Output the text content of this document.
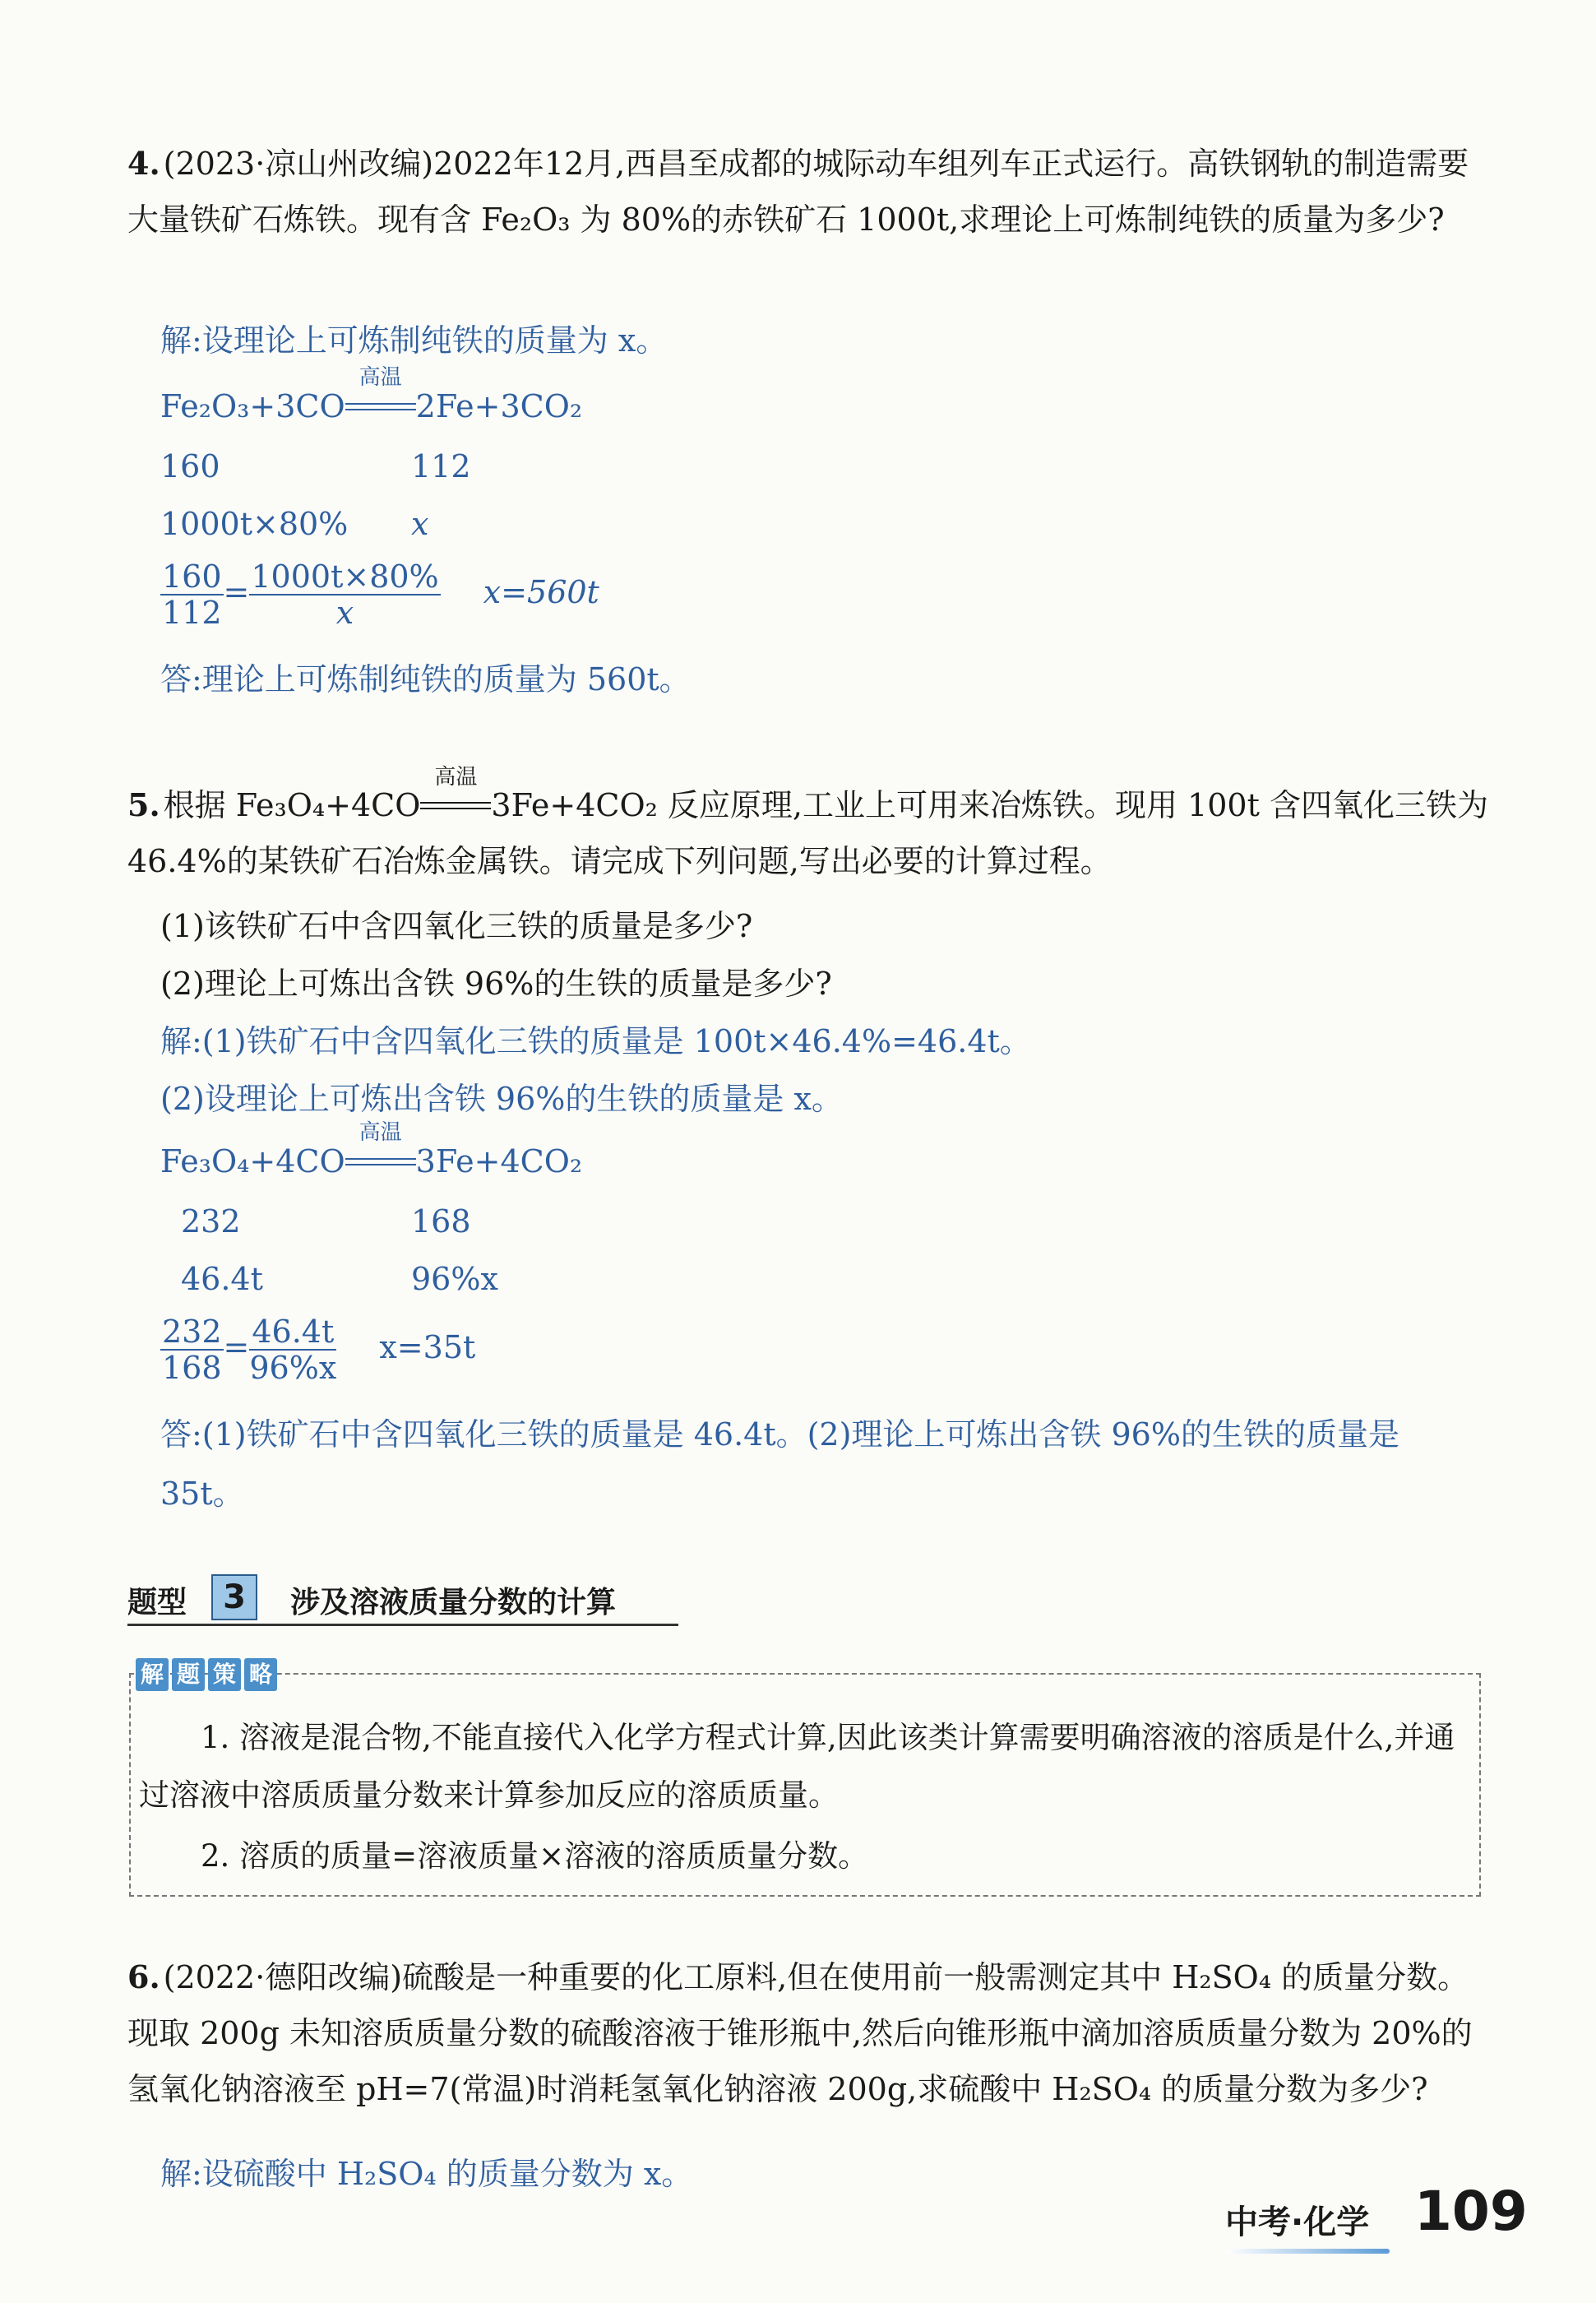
4. (2023·凉山州改编)2022年12月,西昌至成都的城际动车组列车正式运行。高铁钢轨的制造需要大量铁矿石炼铁。现有含 Fe₂O₃ 为 80%的赤铁矿石 1000t,求理论上可炼制纯铁的质量为多少?
解:设理论上可炼制纯铁的质量为 x。
Fe₂O₃+3CO
高温
2Fe+3CO₂
160	112
1000t×80% x
$\frac{160}{112} = \frac{1000t\times 80\%}{x} x=560t$
答:理论上可炼制纯铁的质量为 560t。
5. 根据 Fe₃O₄+4CO
高温
3Fe+4CO₂ 反应原理,工业上可用来冶炼铁。现用 100t 含四氧化三铁为 46.4%的某铁矿石冶炼金属铁。请完成下列问题,写出必要的计算过程。
(1)该铁矿石中含四氧化三铁的质量是多少?
(2)理论上可炼出含铁 96%的生铁的质量是多少?
解:(1)铁矿石中含四氧化三铁的质量是 100t×46.4%=46.4t。
(2)设理论上可炼出含铁 96%的生铁的质量是 x。
Fe₃O₄+4CO
高温
3Fe+4CO₂
232	168
46.4t	96%x
$\frac{232}{168} = \frac{46.4t}{96\%x} x=35t$
答:(1)铁矿石中含四氧化三铁的质量是 46.4t。(2)理论上可炼出含铁 96%的生铁的质量是 35t。
题型	3	涉及溶液质量分数的计算
解 题 策 略
1. 溶液是混合物,不能直接代入化学方程式计算,因此该类计算需要明确溶液的溶质是什么,并通过溶液中溶质质量分数来计算参加反应的溶质质量。
2. 溶质的质量=溶液质量×溶液的溶质质量分数。
6. (2022·德阳改编)硫酸是一种重要的化工原料,但在使用前一般需测定其中 H₂SO₄ 的质量分数。现取 200g 未知溶质质量分数的硫酸溶液于锥形瓶中,然后向锥形瓶中滴加溶质质量分数为 20%的氢氧化钠溶液至 pH=7(常温)时消耗氢氧化钠溶液 200g,求硫酸中 H₂SO₄ 的质量分数为多少?
解:设硫酸中 H₂SO₄ 的质量分数为 x。
中考·化学 109
